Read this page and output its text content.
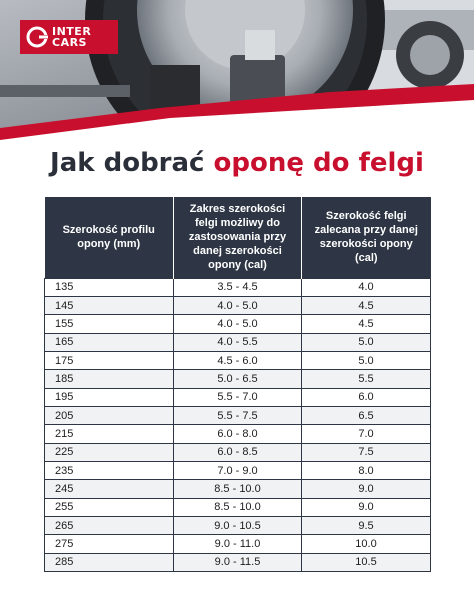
INTER
CARS
Jak dobrać oponę do felgi
Szerokość profilu opony (mm)	Zakres szerokości felgi możliwy do zastosowania przy danej szerokości opony (cal)	Szerokość felgi zalecana przy danej szerokości opony (cal)
135	3.5 - 4.5	4.0
145	4.0 - 5.0	4.5
155	4.0 - 5.0	4.5
165	4.0 - 5.5	5.0
175	4.5 - 6.0	5.0
185	5.0 - 6.5	5.5
195	5.5 - 7.0	6.0
205	5.5 - 7.5	6.5
215	6.0 - 8.0	7.0
225	6.0 - 8.5	7.5
235	7.0 - 9.0	8.0
245	8.5 - 10.0	9.0
255	8.5 - 10.0	9.0
265	9.0 - 10.5	9.5
275	9.0 - 11.0	10.0
285	9.0 - 11.5	10.5
